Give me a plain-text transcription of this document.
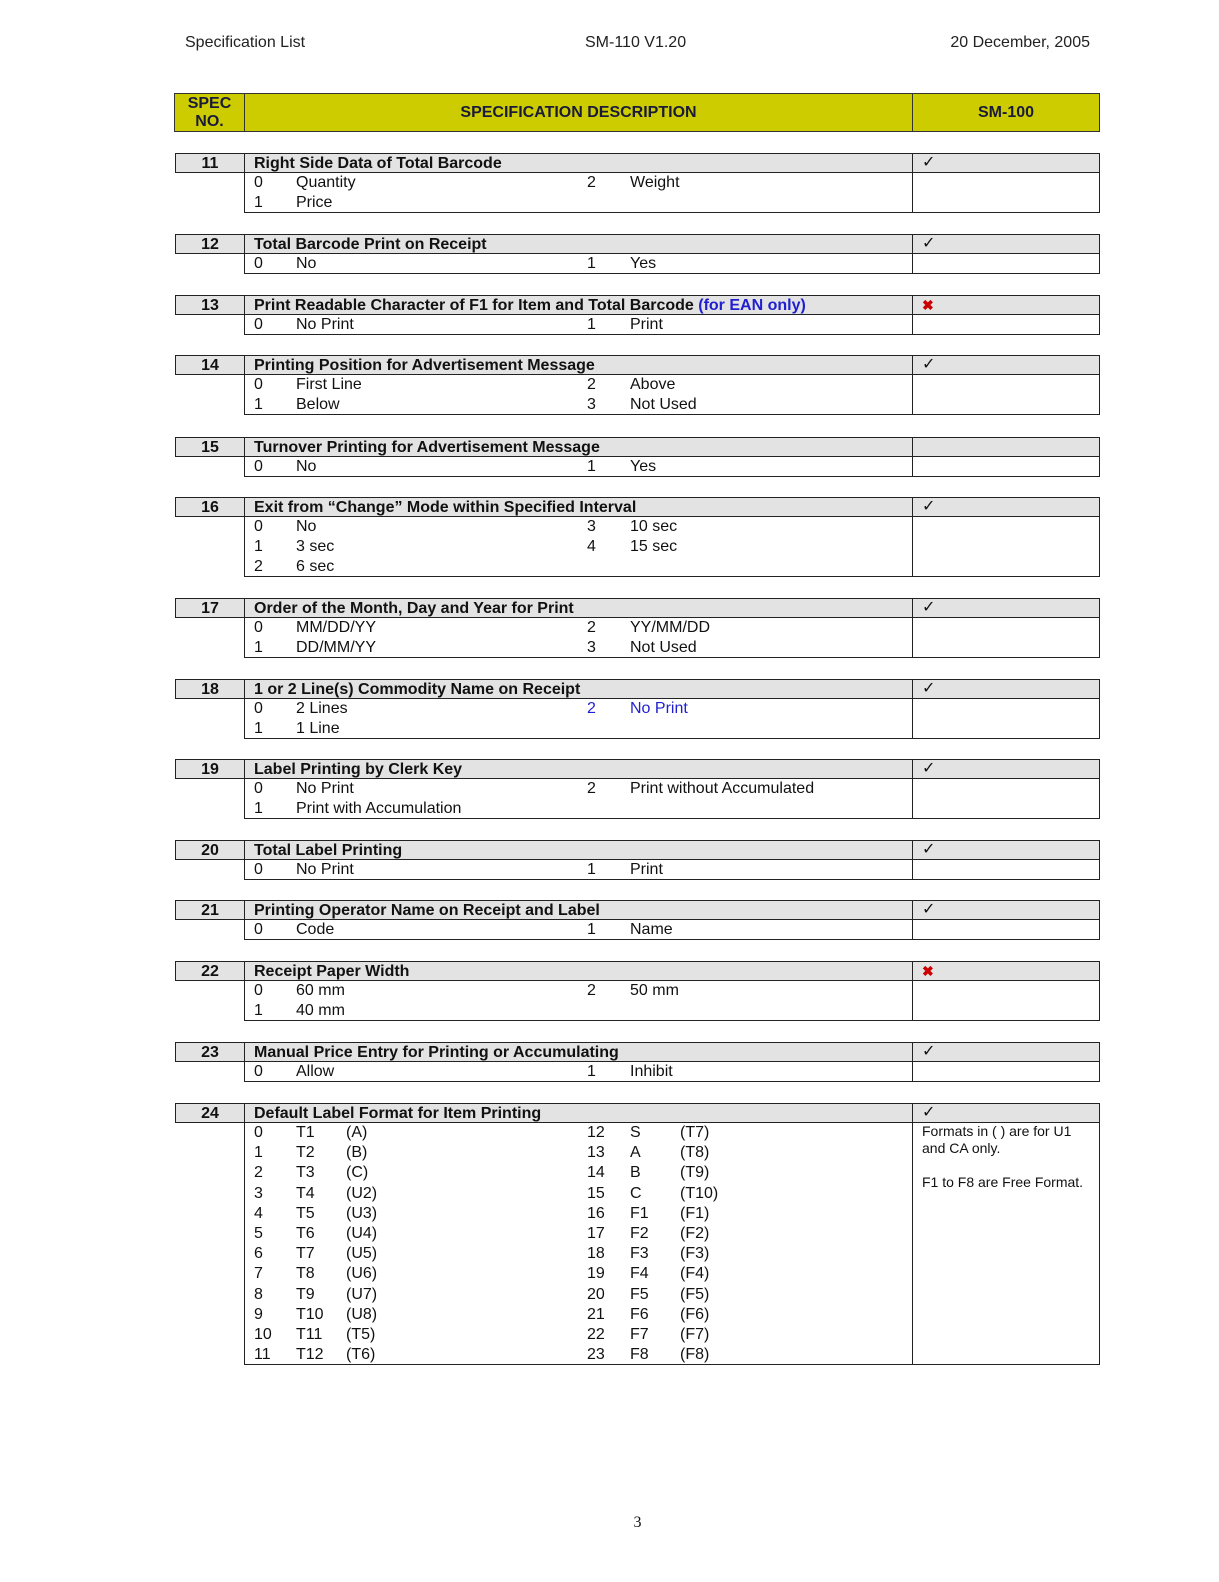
Specification List	SM-110 V1.20	20 December, 2005
SPEC
NO.
SPECIFICATION DESCRIPTION	SM-100
11	Right Side Data of Total Barcode	✓
0 Quantity	2 Weight
1 Price
12	Total Barcode Print on Receipt	✓
0 No	1 Yes
13	Print Readable Character of F1 for Item and Total Barcode (for EAN only)	✖
0 No Print	1 Print
14	Printing Position for Advertisement Message	✓
0 First Line	2 Above
1 Below	3 Not Used
15	Turnover Printing for Advertisement Message
0 No	1 Yes
16	Exit from “Change” Mode within Specified Interval	✓
0 No	3 10 sec
1 3 sec	4 15 sec
2 6 sec
17	Order of the Month, Day and Year for Print	✓
0 MM/DD/YY	2 YY/MM/DD
1 DD/MM/YY	3 Not Used
18	1 or 2 Line(s) Commodity Name on Receipt	✓
0 2 Lines	2 No Print
1 1 Line
19	Label Printing by Clerk Key	✓
0 No Print	2 Print without Accumulated
1 Print with Accumulation
20	Total Label Printing	✓
0 No Print	1 Print
21	Printing Operator Name on Receipt and Label	✓
0 Code	1 Name
22	Receipt Paper Width	✖
0 60 mm	2 50 mm
1 40 mm
23	Manual Price Entry for Printing or Accumulating	✓
0 Allow	1 Inhibit
24	Default Label Format for Item Printing	✓
Formats in ( ) are for U1 and CA only.
F1 to F8 are Free Format.
0 T1 (A)	12 S (T7)
1 T2 (B)	13 A (T8)
2 T3 (C)	14 B (T9)
3 T4 (U2)	15 C (T10)
4 T5 (U3)	16 F1 (F1)
5 T6 (U4)	17 F2 (F2)
6 T7 (U5)	18 F3 (F3)
7 T8 (U6)	19 F4 (F4)
8 T9 (U7)	20 F5 (F5)
9 T10 (U8)	21 F6 (F6)
10 T11 (T5)	22 F7 (F7)
11 T12 (T6)	23 F8 (F8)
3
